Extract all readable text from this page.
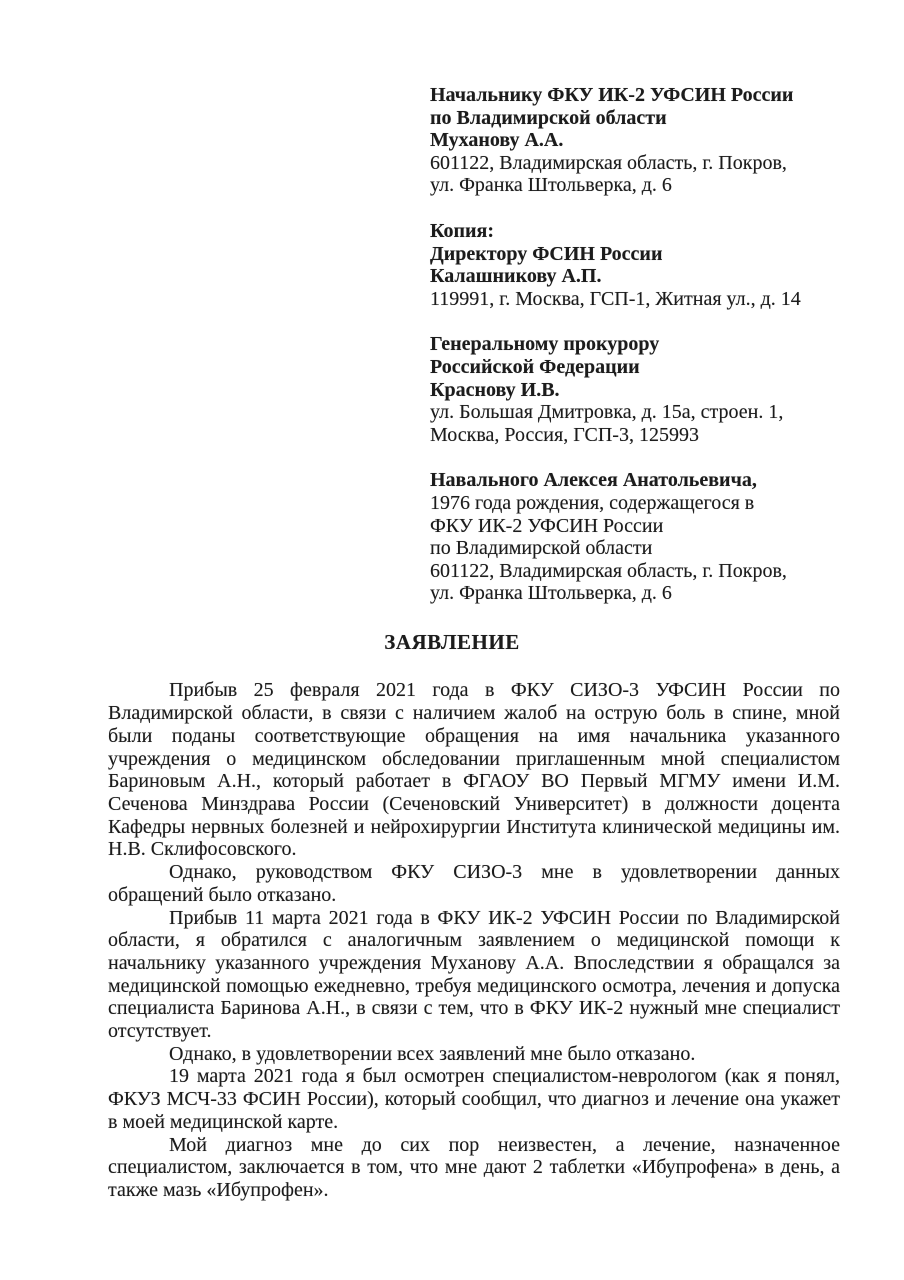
Начальнику ФКУ ИК-2 УФСИН России
по Владимирской области
Муханову А.А.
601122, Владимирская область, г. Покров,
ул. Франка Штольверка, д. 6
Копия:
Директору ФСИН России
Калашникову А.П.
119991, г. Москва, ГСП-1, Житная ул., д. 14
Генеральному прокурору
Российской Федерации
Краснову И.В.
ул. Большая Дмитровка, д. 15а, строен. 1,
Москва, Россия, ГСП-3, 125993
Навального Алексея Анатольевича,
1976 года рождения, содержащегося в
ФКУ ИК-2 УФСИН России
по Владимирской области
601122, Владимирская область, г. Покров,
ул. Франка Штольверка, д. 6
ЗАЯВЛЕНИЕ

Прибыв 25 февраля 2021 года в ФКУ СИЗО-3 УФСИН России по Владимирской области, в связи с наличием жалоб на острую боль в спине, мной были поданы соответствующие обращения на имя начальника указанного учреждения о медицинском обследовании приглашенным мной специалистом Бариновым А.Н., который работает в ФГАОУ ВО Первый МГМУ имени И.М. Сеченова Минздрава России (Сеченовский Университет) в должности доцента Кафедры нервных болезней и нейрохирургии Института клинической медицины им. Н.В. Склифосовского.

Однако, руководством ФКУ СИЗО-3 мне в удовлетворении данных обращений было отказано.

Прибыв 11 марта 2021 года в ФКУ ИК-2 УФСИН России по Владимирской области, я обратился с аналогичным заявлением о медицинской помощи к начальнику указанного учреждения Муханову А.А. Впоследствии я обращался за медицинской помощью ежедневно, требуя медицинского осмотра, лечения и допуска специалиста Баринова А.Н., в связи с тем, что в ФКУ ИК-2 нужный мне специалист отсутствует.

Однако, в удовлетворении всех заявлений мне было отказано.

19 марта 2021 года я был осмотрен специалистом-неврологом (как я понял, ФКУЗ МСЧ-33 ФСИН России), который сообщил, что диагноз и лечение она укажет в моей медицинской карте.

Мой диагноз мне до сих пор неизвестен, а лечение, назначенное специалистом, заключается в том, что мне дают 2 таблетки «Ибупрофена» в день, а также мазь «Ибупрофен».
